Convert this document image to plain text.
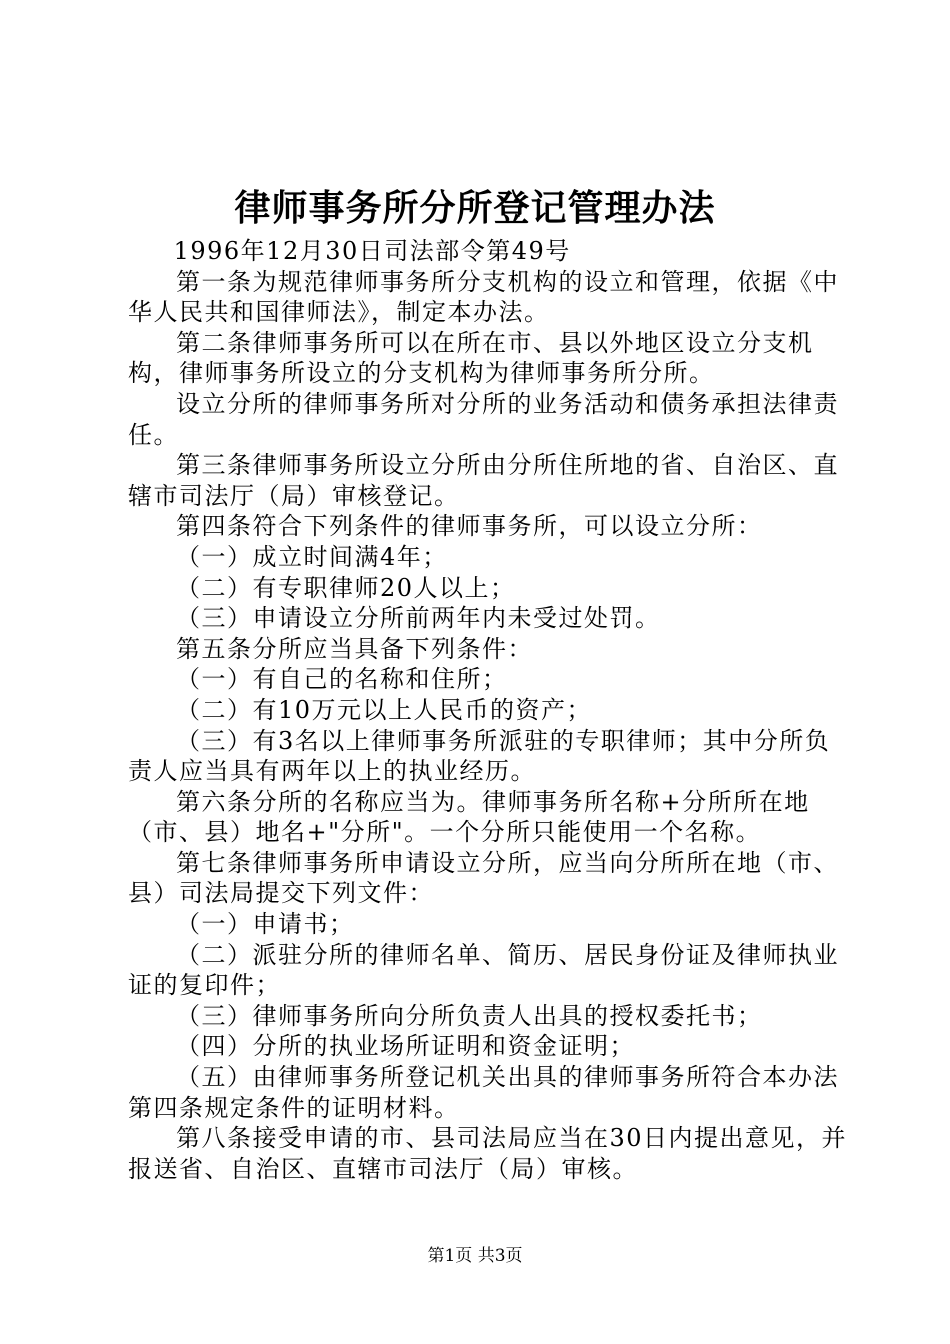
律师事务所分所登记管理办法

1996年12月30日司法部令第49号

第一条为规范律师事务所分支机构的设立和管理，依据《中华人民共和国律师法》，制定本办法。

第二条律师事务所可以在所在市、县以外地区设立分支机构，律师事务所设立的分支机构为律师事务所分所。

设立分所的律师事务所对分所的业务活动和债务承担法律责任。

第三条律师事务所设立分所由分所住所地的省、自治区、直辖市司法厅（局）审核登记。

第四条符合下列条件的律师事务所，可以设立分所：

（一）成立时间满4年；

（二）有专职律师20人以上；

（三）申请设立分所前两年内未受过处罚。

第五条分所应当具备下列条件：

（一）有自己的名称和住所；

（二）有10万元以上人民币的资产；

（三）有3名以上律师事务所派驻的专职律师；其中分所负责人应当具有两年以上的执业经历。

第六条分所的名称应当为。律师事务所名称+分所所在地（市、县）地名+"分所"。一个分所只能使用一个名称。

第七条律师事务所申请设立分所，应当向分所所在地（市、县）司法局提交下列文件：

（一）申请书；

（二）派驻分所的律师名单、简历、居民身份证及律师执业证的复印件；

（三）律师事务所向分所负责人出具的授权委托书；

（四）分所的执业场所证明和资金证明；

（五）由律师事务所登记机关出具的律师事务所符合本办法第四条规定条件的证明材料。

第八条接受申请的市、县司法局应当在30日内提出意见，并报送省、自治区、直辖市司法厅（局）审核。

第1页 共3页
